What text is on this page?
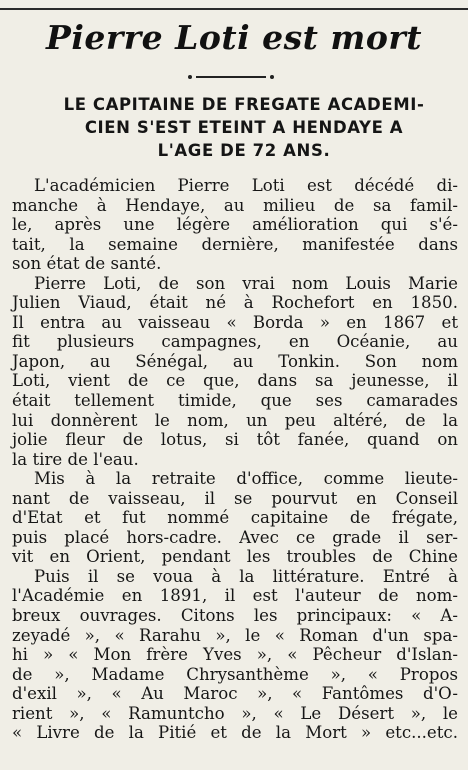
Pierre Loti est mort
LE CAPITAINE DE FREGATE ACADEMI-
CIEN S'EST ETEINT A HENDAYE A
L'AGE DE 72 ANS.
L'académicien Pierre Loti est décédé di-
manche à Hendaye, au milieu de sa famil-
le, après une légère amélioration qui s'é-
tait, la semaine dernière, manifestée dans
son état de santé.
Pierre Loti, de son vrai nom Louis Marie
Julien Viaud, était né à Rochefort en 1850.
Il entra au vaisseau « Borda » en 1867 et
fit plusieurs campagnes, en Océanie, au
Japon, au Sénégal, au Tonkin. Son nom
Loti, vient de ce que, dans sa jeunesse, il
était tellement timide, que ses camarades
lui donnèrent le nom, un peu altéré, de la
jolie fleur de lotus, si tôt fanée, quand on
la tire de l'eau.
Mis à la retraite d'office, comme lieute-
nant de vaisseau, il se pourvut en Conseil
d'Etat et fut nommé capitaine de frégate,
puis placé hors-cadre. Avec ce grade il ser-
vit en Orient, pendant les troubles de Chine
Puis il se voua à la littérature. Entré à
l'Académie en 1891, il est l'auteur de nom-
breux ouvrages. Citons les principaux: « A-
zeyadé », « Rarahu », le « Roman d'un spa-
hi » « Mon frère Yves », « Pêcheur d'Islan-
de », Madame Chrysanthème », « Propos
d'exil », « Au Maroc », « Fantômes d'O-
rient », « Ramuntcho », « Le Désert », le
« Livre de la Pitié et de la Mort » etc...etc.
